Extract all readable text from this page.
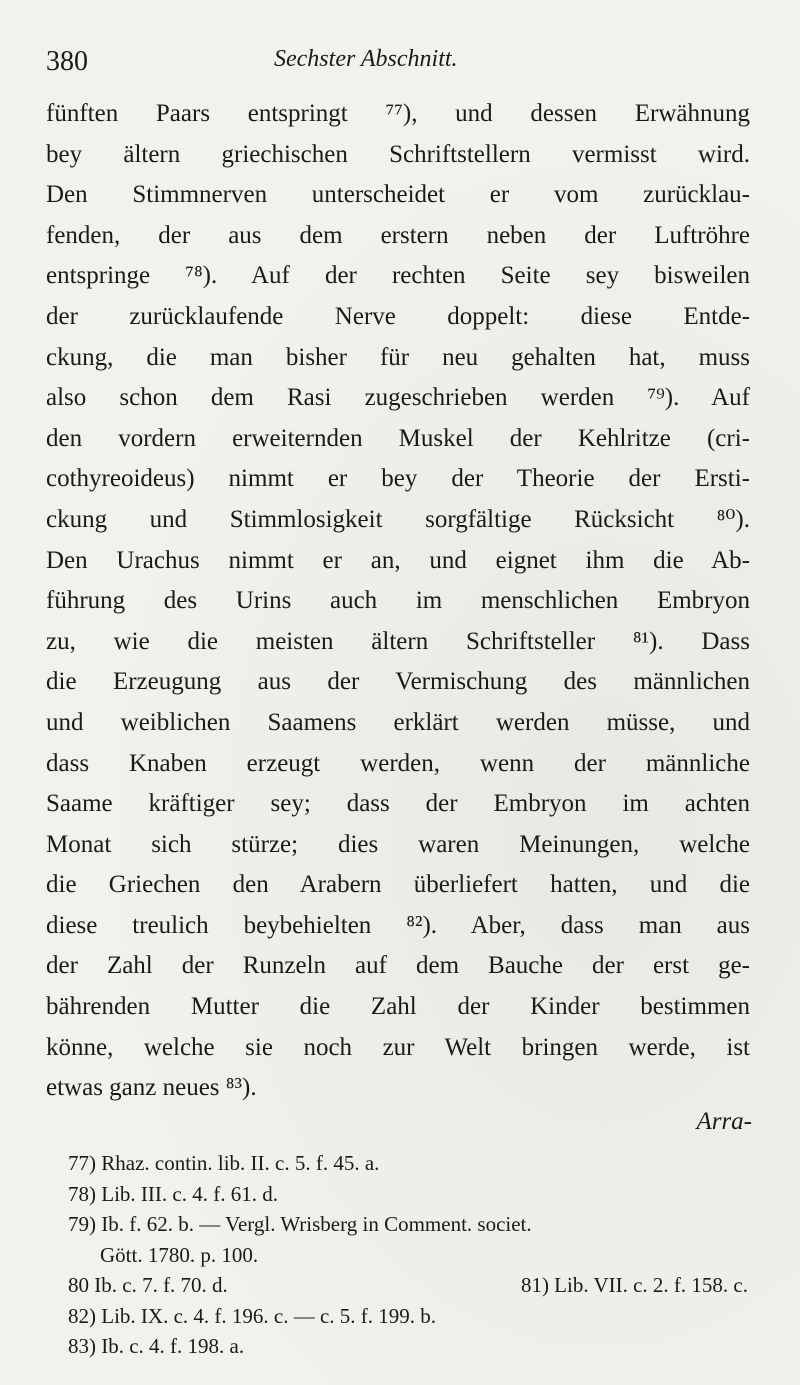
380	Sechster Abschnitt.
fünften Paars entspringt ⁷⁷), und dessen Erwähnung
bey ältern griechischen Schriftstellern vermisst wird.
Den Stimmnerven unterscheidet er vom zurücklau-
fenden, der aus dem erstern neben der Luftröhre
entspringe ⁷⁸). Auf der rechten Seite sey bisweilen
der zurücklaufende Nerve doppelt: diese Entde-
ckung, die man bisher für neu gehalten hat, muss
also schon dem Rasi zugeschrieben werden ⁷⁹). Auf
den vordern erweiternden Muskel der Kehlritze (cri-
cothyreoideus) nimmt er bey der Theorie der Ersti-
ckung und Stimmlosigkeit sorgfältige Rücksicht ⁸⁰).
Den Urachus nimmt er an, und eignet ihm die Ab-
führung des Urins auch im menschlichen Embryon
zu, wie die meisten ältern Schriftsteller ⁸¹). Dass
die Erzeugung aus der Vermischung des männlichen
und weiblichen Saamens erklärt werden müsse, und
dass Knaben erzeugt werden, wenn der männliche
Saame kräftiger sey; dass der Embryon im achten
Monat sich stürze; dies waren Meinungen, welche
die Griechen den Arabern überliefert hatten, und die
diese treulich beybehielten ⁸²). Aber, dass man aus
der Zahl der Runzeln auf dem Bauche der erst ge-
bährenden Mutter die Zahl der Kinder bestimmen
könne, welche sie noch zur Welt bringen werde, ist
etwas ganz neues ⁸³).
Arra-
77) Rhaz. contin. lib. II. c. 5. f. 45. a.
78) Lib. III. c. 4. f. 61. d.
79) Ib. f. 62. b. — Vergl. Wrisberg in Comment. societ.
Gött. 1780. p. 100.
80 Ib. c. 7. f. 70. d.	81) Lib. VII. c. 2. f. 158. c.
82) Lib. IX. c. 4. f. 196. c. — c. 5. f. 199. b.
83) Ib. c. 4. f. 198. a.
